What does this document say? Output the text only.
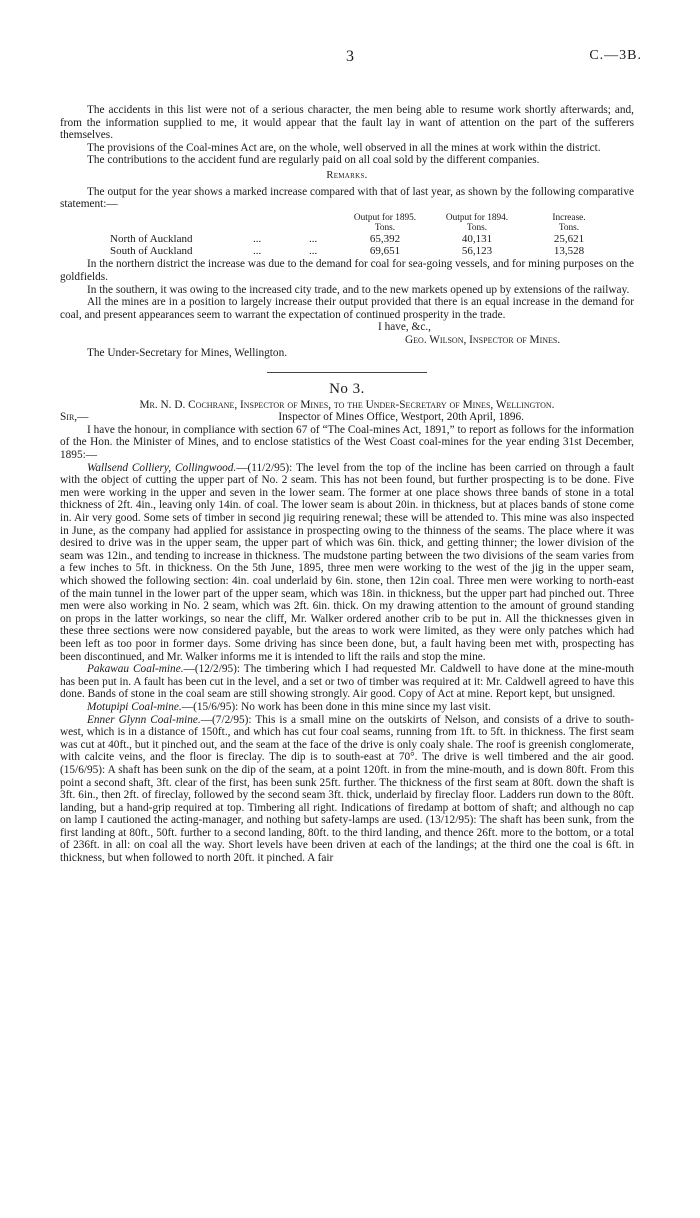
3	C.—3B.

The accidents in this list were not of a serious character, the men being able to resume work shortly afterwards; and, from the information supplied to me, it would appear that the fault lay in want of attention on the part of the sufferers themselves.

The provisions of the Coal-mines Act are, on the whole, well observed in all the mines at work within the district.

The contributions to the accident fund are regularly paid on all coal sold by the different companies.

Remarks.

The output for the year shows a marked increase compared with that of last year, as shown by the following comparative statement:—

			Output for 1895.	Output for 1894.	Increase.
			Tons.	Tons.	Tons.
North of Auckland	...	...	65,392	40,131	25,621
South of Auckland	...	...	69,651	56,123	13,528

In the northern district the increase was due to the demand for coal for sea-going vessels, and for mining purposes on the goldfields.

In the southern, it was owing to the increased city trade, and to the new markets opened up by extensions of the railway.

All the mines are in a position to largely increase their output provided that there is an equal increase in the demand for coal, and present appearances seem to warrant the expectation of continued prosperity in the trade.

I have, &c.,

Geo. Wilson, Inspector of Mines.

The Under-Secretary for Mines, Wellington.

No 3.

Mr. N. D. Cochrane, Inspector of Mines, to the Under-Secretary of Mines, Wellington.

Sir,—	Inspector of Mines Office, Westport, 20th April, 1896.

I have the honour, in compliance with section 67 of “The Coal-mines Act, 1891,” to report as follows for the information of the Hon. the Minister of Mines, and to enclose statistics of the West Coast coal-mines for the year ending 31st December, 1895:—

Wallsend Colliery, Collingwood.—(11/2/95): The level from the top of the incline has been carried on through a fault with the object of cutting the upper part of No. 2 seam. This has not been found, but further prospecting is to be done. Five men were working in the upper and seven in the lower seam. The former at one place shows three bands of stone in a total thickness of 2ft. 4in., leaving only 14in. of coal. The lower seam is about 20in. in thickness, but at places bands of stone come in. Air very good. Some sets of timber in second jig requiring renewal; these will be attended to. This mine was also inspected in June, as the company had applied for assistance in prospecting owing to the thinness of the seams. The place where it was desired to drive was in the upper seam, the upper part of which was 6in. thick, and getting thinner; the lower division of the seam was 12in., and tending to increase in thickness. The mudstone parting between the two divisions of the seam varies from a few inches to 5ft. in thickness. On the 5th June, 1895, three men were working to the west of the jig in the upper seam, which showed the following section: 4in. coal underlaid by 6in. stone, then 12in coal. Three men were working to north-east of the main tunnel in the lower part of the upper seam, which was 18in. in thickness, but the upper part had pinched out. Three men were also working in No. 2 seam, which was 2ft. 6in. thick. On my drawing attention to the amount of ground standing on props in the latter workings, so near the cliff, Mr. Walker ordered another crib to be put in. All the thicknesses given in these three sections were now considered payable, but the areas to work were limited, as they were only patches which had been left as too poor in former days. Some driving has since been done, but, a fault having been met with, prospecting has been discontinued, and Mr. Walker informs me it is intended to lift the rails and stop the mine.

Pakawau Coal-mine.—(12/2/95): The timbering which I had requested Mr. Caldwell to have done at the mine-mouth has been put in. A fault has been cut in the level, and a set or two of timber was required at it: Mr. Caldwell agreed to have this done. Bands of stone in the coal seam are still showing strongly. Air good. Copy of Act at mine. Report kept, but unsigned.

Motupipi Coal-mine.—(15/6/95): No work has been done in this mine since my last visit.

Enner Glynn Coal-mine.—(7/2/95): This is a small mine on the outskirts of Nelson, and consists of a drive to south-west, which is in a distance of 150ft., and which has cut four coal seams, running from 1ft. to 5ft. in thickness. The first seam was cut at 40ft., but it pinched out, and the seam at the face of the drive is only coaly shale. The roof is greenish conglomerate, with calcite veins, and the floor is fireclay. The dip is to south-east at 70°. The drive is well timbered and the air good. (15/6/95): A shaft has been sunk on the dip of the seam, at a point 120ft. in from the mine-mouth, and is down 80ft. From this point a second shaft, 3ft. clear of the first, has been sunk 25ft. further. The thickness of the first seam at 80ft. down the shaft is 3ft. 6in., then 2ft. of fireclay, followed by the second seam 3ft. thick, underlaid by fireclay floor. Ladders run down to the 80ft. landing, but a hand-grip required at top. Timbering all right. Indications of firedamp at bottom of shaft; and although no cap on lamp I cautioned the acting-manager, and nothing but safety-lamps are used. (13/12/95): The shaft has been sunk, from the first landing at 80ft., 50ft. further to a second landing, 80ft. to the third landing, and thence 26ft. more to the bottom, or a total of 236ft. in all: on coal all the way. Short levels have been driven at each of the landings; at the third one the coal is 6ft. in thickness, but when followed to north 20ft. it pinched. A fair
